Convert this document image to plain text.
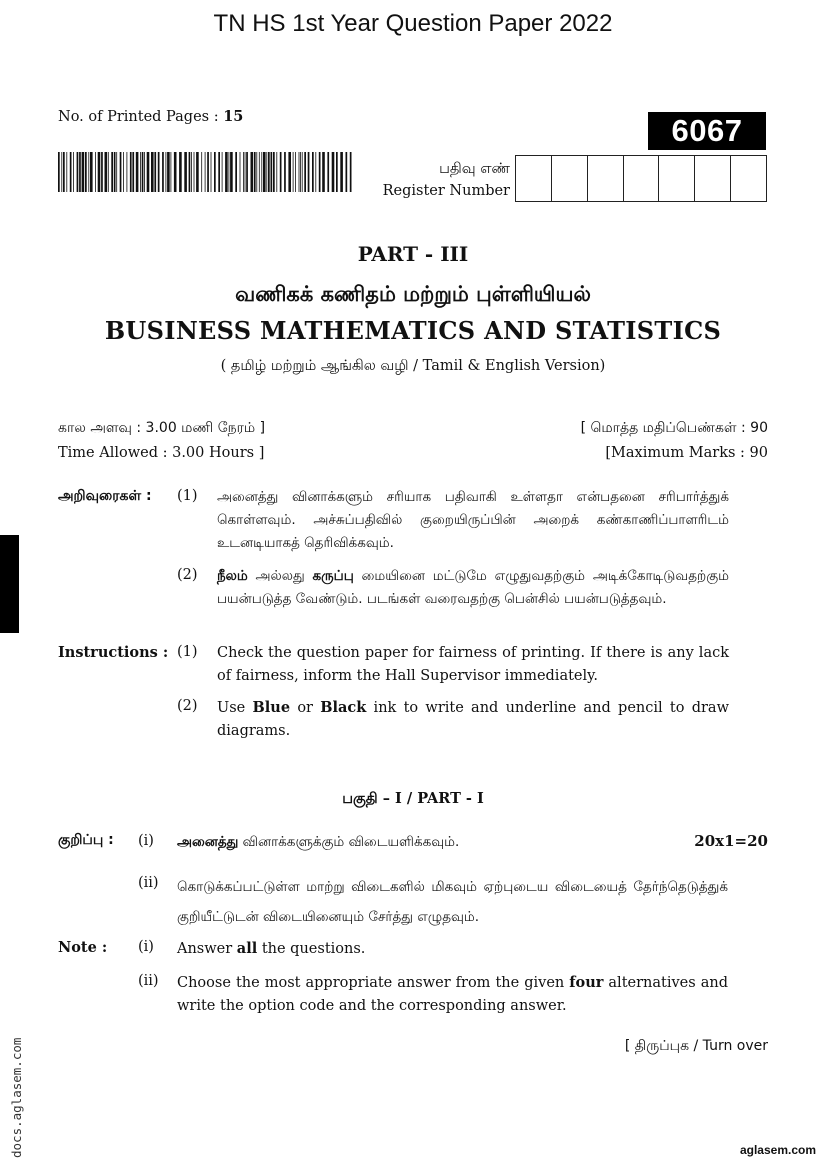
TN HS 1st Year Question Paper 2022
No. of Printed Pages : 15	6067
பதிவு எண்
Register Number
PART - III
வணிகக் கணிதம் மற்றும் புள்ளியியல்
BUSINESS MATHEMATICS AND STATISTICS
( தமிழ் மற்றும் ஆங்கில வழி / Tamil & English Version)
கால அளவு : 3.00 மணி நேரம் ]	[ மொத்த மதிப்பெண்கள் : 90
Time Allowed : 3.00 Hours ]	[Maximum Marks : 90
அறிவுரைகள் : (1) அனைத்து வினாக்களும் சரியாக பதிவாகி உள்ளதா என்பதனை சரிபார்த்துக் கொள்ளவும். அச்சுப்பதிவில் குறையிருப்பின் அறைக் கண்காணிப்பாளரிடம் உடனடியாகத் தெரிவிக்கவும்.
(2) நீலம் அல்லது கருப்பு மையினை மட்டுமே எழுதுவதற்கும் அடிக்கோடிடுவதற்கும் பயன்படுத்த வேண்டும். படங்கள் வரைவதற்கு பென்சில் பயன்படுத்தவும்.
Instructions : (1) Check the question paper for fairness of printing. If there is any lack of fairness, inform the Hall Supervisor immediately.
(2) Use Blue or Black ink to write and underline and pencil to draw diagrams.
பகுதி – I / PART - I
குறிப்பு : (i) அனைத்து வினாக்களுக்கும் விடையளிக்கவும்.	20x1=20
(ii) கொடுக்கப்பட்டுள்ள மாற்று விடைகளில் மிகவும் ஏற்புடைய விடையைத் தேர்ந்தெடுத்துக் குறியீட்டுடன் விடையினையும் சேர்த்து எழுதவும்.
Note : (i) Answer all the questions.
(ii) Choose the most appropriate answer from the given four alternatives and write the option code and the corresponding answer.
[ திருப்புக / Turn over
docs.aglasem.com	aglasem.com
